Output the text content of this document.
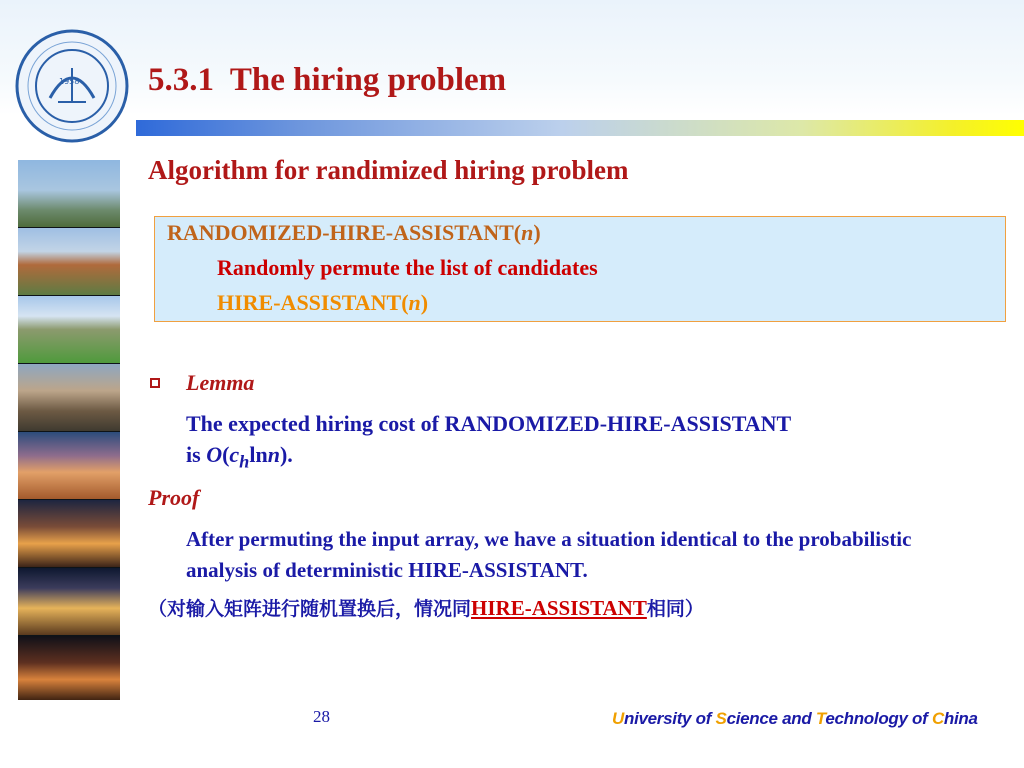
1958 5.3.1  The hiring problem
Algorithm for randimized hiring problem
RANDOMIZED-HIRE-ASSISTANT(n)
Randomly permute the list of candidates
HIRE-ASSISTANT(n)
Lemma
The expected hiring cost of RANDOMIZED-HIRE-ASSISTANT
is $O(c_h\ln n)$.
Proof
After permuting the input array, we have a situation identical to the probabilistic analysis of deterministic HIRE-ASSISTANT.
（对输入矩阵进行随机置换后，情况同HIRE-ASSISTANT相同）
28	University of Science and Technology of China
